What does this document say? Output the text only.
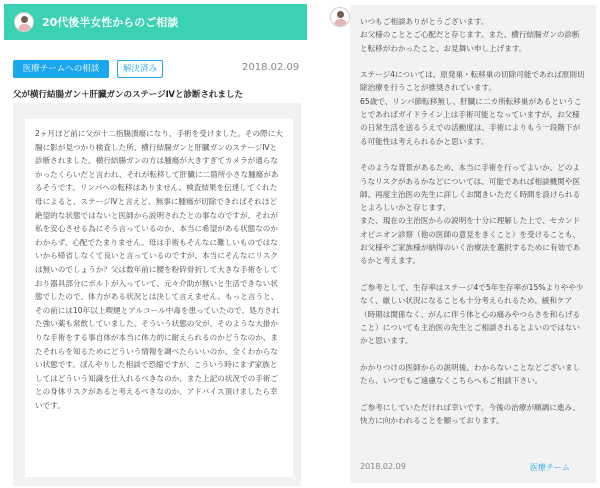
20代後半女性からのご相談
医療チームへの相談	解決済み	2018.02.09
父が横行結腸ガン＋肝臓ガンのステージⅣと診断されました

2ヶ月ほど前に父が十二指腸潰瘍になり、手術を受けました。その際に大腸に影が見つかり検査した所、横行結腸ガンと肝臓ガンのステージⅣと診断されました。横行結腸ガンの方は腫瘍が大きすぎてカメラが通らなかったくらいだと言われ、それが転移して肝臓に二箇所小さな腫瘍があるそうです。リンパへの転移はありません。検査結果を伝達してくれた母によると、ステージⅣと言えど、無事に腫瘍が切除できればそれほど絶望的な状態ではないと医師から説明されたとの事なのですが、それが私を安心させる為にそう言っているのか、本当に希望がある状態なのかわからず、心配でたまりません。母は手術もそんなに難しいものではないから帰省しなくて良いと言っているのですが、本当にそんなにリスクは無いのでしょうか？父は数年前に腰を粉砕骨折して大きな手術をしており器具部分にボルトが入っていて、元々介助が無いと生活できない状態でしたので、体力がある状況とは決して言えません。もっと言うと、その前には10年以上喫煙とアルコール中毒を患っていたので、処方された強い薬も常飲していました。そういう状態の父が、そのような大掛かりな手術をする事自体が本当に体力的に耐えられるのかどうなのか、またそれらを知るためにどういう情報を調べたらいいのか、全くわからない状態です。ぼんやりした相談で恐縮ですが、こういう時にまず家族としてはどういう知識を仕入れるべきなのか、また上記の状況での手術ごとの身体リスクがあると考えるべきなのか、アドバイス頂けましたら幸いです。

いつもご相談ありがとうございます。
お父様のこととご心配だと存じます。また、横行結腸ガンの診断と転移がわかったこと、お見舞い申し上げます。

ステージ4については、原発巣・転移巣の切除可能であれば原則切除治療を行うことが推奨されています。
65歳で、リンパ節転移無し、肝臓に二カ所転移巣があるということであればガイドライン上は手術可能となっていますが、お父様の日常生活を送るうえでの活動度は、手術によりもう一段階下がる可能性は考えられるかと思います。

そのような背景があるため、本当に手術を行ってよいか、どのようなリスクがあるかなどについては、可能であれば相談機関や医師、再度主治医の先生に詳しくお聞きいただく時間を設けられるとよろしいかと存じます。
また、現在の主治医からの説明を十分に理解した上で、セカンドオピニオン診察（他の医師の意見をきくこと）を受けることも、お父様やご家族様が納得のいく治療法を選択するために有効であるかと考えます。

ご参考として、生存率はステージ4で5年生存率が15%よりやや少なく、厳しい状況になることも十分考えられるため、緩和ケア（時期は関係なく、がんに伴う体と心の痛みやつらさを和らげること）についても主治医の先生とご相談されるとよいのではないかと思います。

かかりつけの医師からの説明後、わからないことなどございましたら、いつでもご遠慮なくこちらへもご相談下さい。

ご参考にしていただければ幸いです。今後の治療が順調に進み、快方に向かわれることを願っております。

2018.02.09	医療チーム
